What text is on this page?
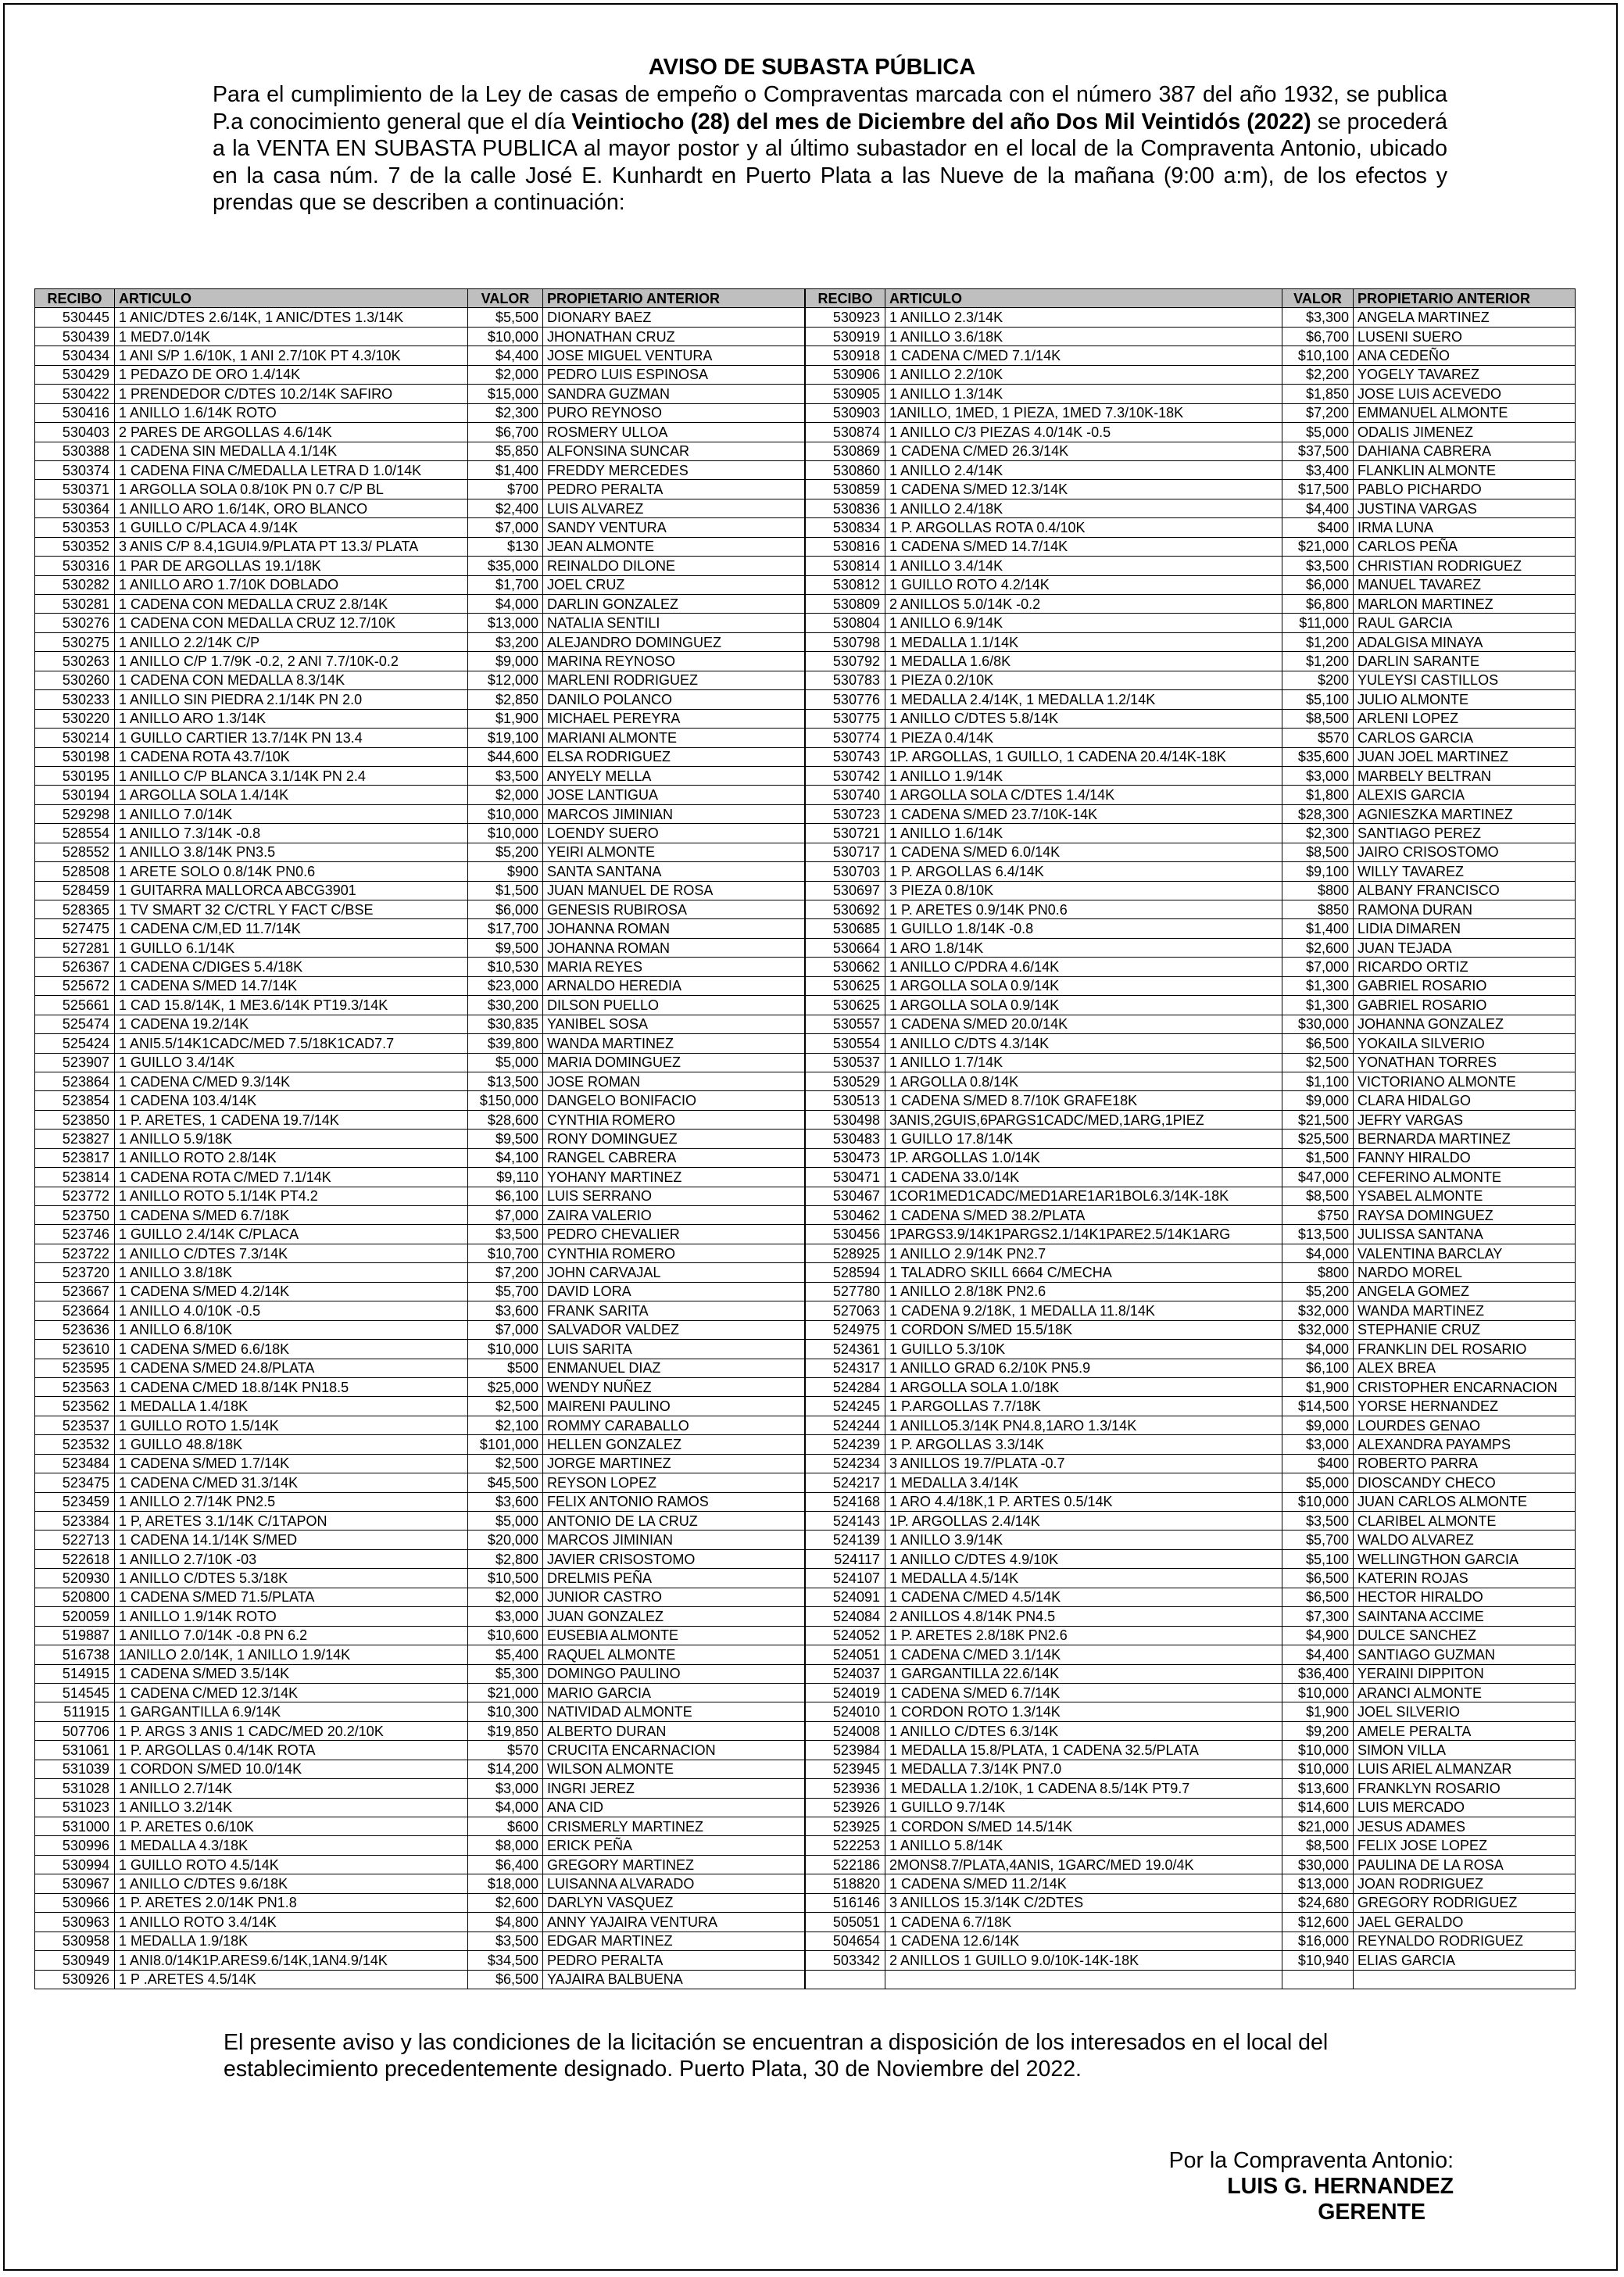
AVISO DE SUBASTA PÚBLICA

Para el cumplimiento de la Ley de casas de empeño o Compraventas marcada con el número 387 del año 1932, se publica P.a conocimiento general que el día Veintiocho (28) del mes de Diciembre del año Dos Mil Veintidós (2022) se procederá a la VENTA EN SUBASTA PUBLICA al mayor postor y al último subastador en el local de la Compraventa Antonio, ubicado en la casa núm. 7 de la calle José E. Kunhardt en Puerto Plata a las Nueve de la mañana (9:00 a:m), de los efectos y prendas que se describen a continuación:

RECIBO	ARTICULO	VALOR	PROPIETARIO ANTERIOR
530445	1 ANIC/DTES 2.6/14K, 1 ANIC/DTES 1.3/14K	$5,500	DIONARY BAEZ
530439	1 MED7.0/14K	$10,000	JHONATHAN CRUZ
530434	1 ANI S/P 1.6/10K, 1 ANI 2.7/10K PT 4.3/10K	$4,400	JOSE MIGUEL VENTURA
530429	1 PEDAZO DE ORO 1.4/14K	$2,000	PEDRO LUIS ESPINOSA
530422	1 PRENDEDOR C/DTES 10.2/14K SAFIRO	$15,000	SANDRA GUZMAN
530416	1 ANILLO 1.6/14K ROTO	$2,300	PURO REYNOSO
530403	2 PARES DE ARGOLLAS 4.6/14K	$6,700	ROSMERY ULLOA
530388	1 CADENA SIN MEDALLA 4.1/14K	$5,850	ALFONSINA SUNCAR
530374	1 CADENA FINA C/MEDALLA LETRA D 1.0/14K	$1,400	FREDDY MERCEDES
530371	1 ARGOLLA SOLA 0.8/10K PN 0.7 C/P BL	$700	PEDRO PERALTA
530364	1 ANILLO ARO 1.6/14K, ORO BLANCO	$2,400	LUIS ALVAREZ
530353	1 GUILLO C/PLACA 4.9/14K	$7,000	SANDY VENTURA
530352	3 ANIS C/P 8.4,1GUI4.9/PLATA PT 13.3/ PLATA	$130	JEAN ALMONTE
530316	1 PAR DE ARGOLLAS 19.1/18K	$35,000	REINALDO DILONE
530282	1 ANILLO ARO 1.7/10K DOBLADO	$1,700	JOEL CRUZ
530281	1 CADENA CON MEDALLA CRUZ 2.8/14K	$4,000	DARLIN GONZALEZ
530276	1 CADENA CON MEDALLA CRUZ 12.7/10K	$13,000	NATALIA SENTILI
530275	1 ANILLO 2.2/14K C/P	$3,200	ALEJANDRO DOMINGUEZ
530263	1 ANILLO C/P 1.7/9K -0.2, 2 ANI 7.7/10K-0.2	$9,000	MARINA REYNOSO
530260	1 CADENA CON MEDALLA 8.3/14K	$12,000	MARLENI RODRIGUEZ
530233	1 ANILLO SIN PIEDRA 2.1/14K PN 2.0	$2,850	DANILO POLANCO
530220	1 ANILLO ARO 1.3/14K	$1,900	MICHAEL PEREYRA
530214	1 GUILLO CARTIER 13.7/14K PN 13.4	$19,100	MARIANI ALMONTE
530198	1 CADENA ROTA 43.7/10K	$44,600	ELSA RODRIGUEZ
530195	1 ANILLO C/P BLANCA 3.1/14K PN 2.4	$3,500	ANYELY MELLA
530194	1 ARGOLLA SOLA 1.4/14K	$2,000	JOSE LANTIGUA
529298	1 ANILLO 7.0/14K	$10,000	MARCOS JIMINIAN
528554	1 ANILLO 7.3/14K -0.8	$10,000	LOENDY SUERO
528552	1 ANILLO 3.8/14K PN3.5	$5,200	YEIRI ALMONTE
528508	1 ARETE SOLO 0.8/14K PN0.6	$900	SANTA SANTANA
528459	1 GUITARRA MALLORCA ABCG3901	$1,500	JUAN MANUEL DE ROSA
528365	1 TV SMART 32 C/CTRL Y FACT C/BSE	$6,000	GENESIS RUBIROSA
527475	1 CADENA C/M,ED 11.7/14K	$17,700	JOHANNA ROMAN
527281	1 GUILLO 6.1/14K	$9,500	JOHANNA ROMAN
526367	1 CADENA C/DIGES 5.4/18K	$10,530	MARIA REYES
525672	1 CADENA S/MED 14.7/14K	$23,000	ARNALDO HEREDIA
525661	1 CAD 15.8/14K, 1 ME3.6/14K PT19.3/14K	$30,200	DILSON PUELLO
525474	1 CADENA 19.2/14K	$30,835	YANIBEL SOSA
525424	1 ANI5.5/14K1CADC/MED 7.5/18K1CAD7.7	$39,800	WANDA MARTINEZ
523907	1 GUILLO 3.4/14K	$5,000	MARIA DOMINGUEZ
523864	1 CADENA C/MED 9.3/14K	$13,500	JOSE ROMAN
523854	1 CADENA 103.4/14K	$150,000	DANGELO BONIFACIO
523850	1 P. ARETES, 1 CADENA 19.7/14K	$28,600	CYNTHIA ROMERO
523827	1 ANILLO 5.9/18K	$9,500	RONY DOMINGUEZ
523817	1 ANILLO ROTO 2.8/14K	$4,100	RANGEL CABRERA
523814	1 CADENA ROTA C/MED 7.1/14K	$9,110	YOHANY MARTINEZ
523772	1 ANILLO ROTO 5.1/14K PT4.2	$6,100	LUIS SERRANO
523750	1 CADENA S/MED 6.7/18K	$7,000	ZAIRA VALERIO
523746	1 GUILLO 2.4/14K C/PLACA	$3,500	PEDRO CHEVALIER
523722	1 ANILLO C/DTES 7.3/14K	$10,700	CYNTHIA ROMERO
523720	1 ANILLO 3.8/18K	$7,200	JOHN CARVAJAL
523667	1 CADENA S/MED 4.2/14K	$5,700	DAVID LORA
523664	1 ANILLO 4.0/10K -0.5	$3,600	FRANK SARITA
523636	1 ANILLO 6.8/10K	$7,000	SALVADOR VALDEZ
523610	1 CADENA S/MED 6.6/18K	$10,000	LUIS SARITA
523595	1 CADENA S/MED 24.8/PLATA	$500	ENMANUEL DIAZ
523563	1 CADENA C/MED 18.8/14K PN18.5	$25,000	WENDY NUÑEZ
523562	1 MEDALLA 1.4/18K	$2,500	MAIRENI PAULINO
523537	1 GUILLO ROTO 1.5/14K	$2,100	ROMMY CARABALLO
523532	1 GUILLO 48.8/18K	$101,000	HELLEN GONZALEZ
523484	1 CADENA S/MED 1.7/14K	$2,500	JORGE MARTINEZ
523475	1 CADENA C/MED 31.3/14K	$45,500	REYSON LOPEZ
523459	1 ANILLO 2.7/14K PN2.5	$3,600	FELIX ANTONIO RAMOS
523384	1 P, ARETES 3.1/14K C/1TAPON	$5,000	ANTONIO DE LA CRUZ
522713	1 CADENA 14.1/14K S/MED	$20,000	MARCOS JIMINIAN
522618	1 ANILLO 2.7/10K -03	$2,800	JAVIER CRISOSTOMO
520930	1 ANILLO C/DTES 5.3/18K	$10,500	DRELMIS PEÑA
520800	1 CADENA S/MED 71.5/PLATA	$2,000	JUNIOR CASTRO
520059	1 ANILLO 1.9/14K ROTO	$3,000	JUAN GONZALEZ
519887	1 ANILLO 7.0/14K -0.8 PN 6.2	$10,600	EUSEBIA ALMONTE
516738	1ANILLO 2.0/14K, 1 ANILLO 1.9/14K	$5,400	RAQUEL ALMONTE
514915	1 CADENA S/MED 3.5/14K	$5,300	DOMINGO PAULINO
514545	1 CADENA C/MED 12.3/14K	$21,000	MARIO GARCIA
511915	1 GARGANTILLA 6.9/14K	$10,300	NATIVIDAD ALMONTE
507706	1 P. ARGS 3 ANIS 1 CADC/MED 20.2/10K	$19,850	ALBERTO DURAN
531061	1 P. ARGOLLAS 0.4/14K ROTA	$570	CRUCITA ENCARNACION
531039	1 CORDON S/MED 10.0/14K	$14,200	WILSON ALMONTE
531028	1 ANILLO 2.7/14K	$3,000	INGRI JEREZ
531023	1 ANILLO 3.2/14K	$4,000	ANA CID
531000	1 P. ARETES 0.6/10K	$600	CRISMERLY MARTINEZ
530996	1 MEDALLA 4.3/18K	$8,000	ERICK PEÑA
530994	1 GUILLO ROTO 4.5/14K	$6,400	GREGORY MARTINEZ
530967	1 ANILLO C/DTES 9.6/18K	$18,000	LUISANNA ALVARADO
530966	1 P. ARETES 2.0/14K PN1.8	$2,600	DARLYN VASQUEZ
530963	1 ANILLO ROTO 3.4/14K	$4,800	ANNY YAJAIRA VENTURA
530958	1 MEDALLA 1.9/18K	$3,500	EDGAR MARTINEZ
530949	1 ANI8.0/14K1P.ARES9.6/14K,1AN4.9/14K	$34,500	PEDRO PERALTA
530926	1 P .ARETES 4.5/14K	$6,500	YAJAIRA BALBUENA
RECIBO	ARTICULO	VALOR	PROPIETARIO ANTERIOR
530923	1 ANILLO 2.3/14K	$3,300	ANGELA MARTINEZ
530919	1 ANILLO 3.6/18K	$6,700	LUSENI SUERO
530918	1 CADENA C/MED 7.1/14K	$10,100	ANA CEDEÑO
530906	1 ANILLO 2.2/10K	$2,200	YOGELY TAVAREZ
530905	1 ANILLO 1.3/14K	$1,850	JOSE LUIS ACEVEDO
530903	1ANILLO, 1MED, 1 PIEZA, 1MED 7.3/10K-18K	$7,200	EMMANUEL ALMONTE
530874	1 ANILLO C/3 PIEZAS 4.0/14K -0.5	$5,000	ODALIS JIMENEZ
530869	1 CADENA C/MED 26.3/14K	$37,500	DAHIANA CABRERA
530860	1 ANILLO 2.4/14K	$3,400	FLANKLIN ALMONTE
530859	1 CADENA S/MED 12.3/14K	$17,500	PABLO PICHARDO
530836	1 ANILLO 2.4/18K	$4,400	JUSTINA VARGAS
530834	1 P. ARGOLLAS ROTA 0.4/10K	$400	IRMA LUNA
530816	1 CADENA S/MED 14.7/14K	$21,000	CARLOS PEÑA
530814	1 ANILLO 3.4/14K	$3,500	CHRISTIAN RODRIGUEZ
530812	1 GUILLO ROTO 4.2/14K	$6,000	MANUEL TAVAREZ
530809	2 ANILLOS 5.0/14K -0.2	$6,800	MARLON MARTINEZ
530804	1 ANILLO 6.9/14K	$11,000	RAUL GARCIA
530798	1 MEDALLA 1.1/14K	$1,200	ADALGISA MINAYA
530792	1 MEDALLA 1.6/8K	$1,200	DARLIN SARANTE
530783	1 PIEZA 0.2/10K	$200	YULEYSI CASTILLOS
530776	1 MEDALLA 2.4/14K, 1 MEDALLA 1.2/14K	$5,100	JULIO ALMONTE
530775	1 ANILLO C/DTES 5.8/14K	$8,500	ARLENI LOPEZ
530774	1 PIEZA 0.4/14K	$570	CARLOS GARCIA
530743	1P. ARGOLLAS, 1 GUILLO, 1 CADENA 20.4/14K-18K	$35,600	JUAN JOEL MARTINEZ
530742	1 ANILLO 1.9/14K	$3,000	MARBELY BELTRAN
530740	1 ARGOLLA SOLA C/DTES 1.4/14K	$1,800	ALEXIS GARCIA
530723	1 CADENA S/MED 23.7/10K-14K	$28,300	AGNIESZKA MARTINEZ
530721	1 ANILLO 1.6/14K	$2,300	SANTIAGO PEREZ
530717	1 CADENA S/MED 6.0/14K	$8,500	JAIRO CRISOSTOMO
530703	1 P. ARGOLLAS 6.4/14K	$9,100	WILLY TAVAREZ
530697	3 PIEZA 0.8/10K	$800	ALBANY FRANCISCO
530692	1 P. ARETES 0.9/14K PN0.6	$850	RAMONA DURAN
530685	1 GUILLO 1.8/14K -0.8	$1,400	LIDIA DIMAREN
530664	1 ARO 1.8/14K	$2,600	JUAN TEJADA
530662	1 ANILLO C/PDRA 4.6/14K	$7,000	RICARDO ORTIZ
530625	1 ARGOLLA SOLA 0.9/14K	$1,300	GABRIEL ROSARIO
530625	1 ARGOLLA SOLA 0.9/14K	$1,300	GABRIEL ROSARIO
530557	1 CADENA S/MED 20.0/14K	$30,000	JOHANNA GONZALEZ
530554	1 ANILLO C/DTS 4.3/14K	$6,500	YOKAILA SILVERIO
530537	1 ANILLO 1.7/14K	$2,500	YONATHAN TORRES
530529	1 ARGOLLA 0.8/14K	$1,100	VICTORIANO ALMONTE
530513	1 CADENA S/MED 8.7/10K GRAFE18K	$9,000	CLARA HIDALGO
530498	3ANIS,2GUIS,6PARGS1CADC/MED,1ARG,1PIEZ	$21,500	JEFRY VARGAS
530483	1 GUILLO 17.8/14K	$25,500	BERNARDA MARTINEZ
530473	1P. ARGOLLAS 1.0/14K	$1,500	FANNY HIRALDO
530471	1 CADENA 33.0/14K	$47,000	CEFERINO ALMONTE
530467	1COR1MED1CADC/MED1ARE1AR1BOL6.3/14K-18K	$8,500	YSABEL ALMONTE
530462	1 CADENA S/MED 38.2/PLATA	$750	RAYSA DOMINGUEZ
530456	1PARGS3.9/14K1PARGS2.1/14K1PARE2.5/14K1ARG	$13,500	JULISSA SANTANA
528925	1 ANILLO 2.9/14K PN2.7	$4,000	VALENTINA BARCLAY
528594	1 TALADRO SKILL 6664 C/MECHA	$800	NARDO MOREL
527780	1 ANILLO 2.8/18K PN2.6	$5,200	ANGELA GOMEZ
527063	1 CADENA 9.2/18K, 1 MEDALLA 11.8/14K	$32,000	WANDA MARTINEZ
524975	1 CORDON S/MED 15.5/18K	$32,000	STEPHANIE CRUZ
524361	1 GUILLO 5.3/10K	$4,000	FRANKLIN DEL ROSARIO
524317	1 ANILLO GRAD 6.2/10K PN5.9	$6,100	ALEX BREA
524284	1 ARGOLLA SOLA 1.0/18K	$1,900	CRISTOPHER ENCARNACION
524245	1 P.ARGOLLAS 7.7/18K	$14,500	YORSE HERNANDEZ
524244	1 ANILLO5.3/14K PN4.8,1ARO 1.3/14K	$9,000	LOURDES GENAO
524239	1 P. ARGOLLAS 3.3/14K	$3,000	ALEXANDRA PAYAMPS
524234	3 ANILLOS 19.7/PLATA -0.7	$400	ROBERTO PARRA
524217	1 MEDALLA 3.4/14K	$5,000	DIOSCANDY CHECO
524168	1 ARO 4.4/18K,1 P. ARTES 0.5/14K	$10,000	JUAN CARLOS ALMONTE
524143	1P. ARGOLLAS 2.4/14K	$3,500	CLARIBEL ALMONTE
524139	1 ANILLO 3.9/14K	$5,700	WALDO ALVAREZ
524117	1 ANILLO C/DTES 4.9/10K	$5,100	WELLINGTHON GARCIA
524107	1 MEDALLA 4.5/14K	$6,500	KATERIN ROJAS
524091	1 CADENA C/MED 4.5/14K	$6,500	HECTOR HIRALDO
524084	2 ANILLOS 4.8/14K PN4.5	$7,300	SAINTANA ACCIME
524052	1 P. ARETES 2.8/18K PN2.6	$4,900	DULCE SANCHEZ
524051	1 CADENA C/MED 3.1/14K	$4,400	SANTIAGO GUZMAN
524037	1 GARGANTILLA 22.6/14K	$36,400	YERAINI DIPPITON
524019	1 CADENA S/MED 6.7/14K	$10,000	ARANCI ALMONTE
524010	1 CORDON ROTO 1.3/14K	$1,900	JOEL SILVERIO
524008	1 ANILLO C/DTES 6.3/14K	$9,200	AMELE PERALTA
523984	1 MEDALLA 15.8/PLATA, 1 CADENA 32.5/PLATA	$10,000	SIMON VILLA
523945	1 MEDALLA 7.3/14K PN7.0	$10,000	LUIS ARIEL ALMANZAR
523936	1 MEDALLA 1.2/10K, 1 CADENA 8.5/14K PT9.7	$13,600	FRANKLYN ROSARIO
523926	1 GUILLO 9.7/14K	$14,600	LUIS MERCADO
523925	1 CORDON S/MED 14.5/14K	$21,000	JESUS ADAMES
522253	1 ANILLO 5.8/14K	$8,500	FELIX JOSE LOPEZ
522186	2MONS8.7/PLATA,4ANIS, 1GARC/MED 19.0/4K	$30,000	PAULINA DE LA ROSA
518820	1 CADENA S/MED 11.2/14K	$13,000	JOAN RODRIGUEZ
516146	3 ANILLOS 15.3/14K C/2DTES	$24,680	GREGORY RODRIGUEZ
505051	1 CADENA 6.7/18K	$12,600	JAEL GERALDO
504654	1 CADENA 12.6/14K	$16,000	REYNALDO RODRIGUEZ
503342	2 ANILLOS 1 GUILLO 9.0/10K-14K-18K	$10,940	ELIAS GARCIA

El presente aviso y las condiciones de la licitación se encuentran a disposición de los interesados en el local del establecimiento precedentemente designado. Puerto Plata, 30 de Noviembre del 2022.

Por la Compraventa Antonio:
LUIS G. HERNANDEZ
GERENTE
